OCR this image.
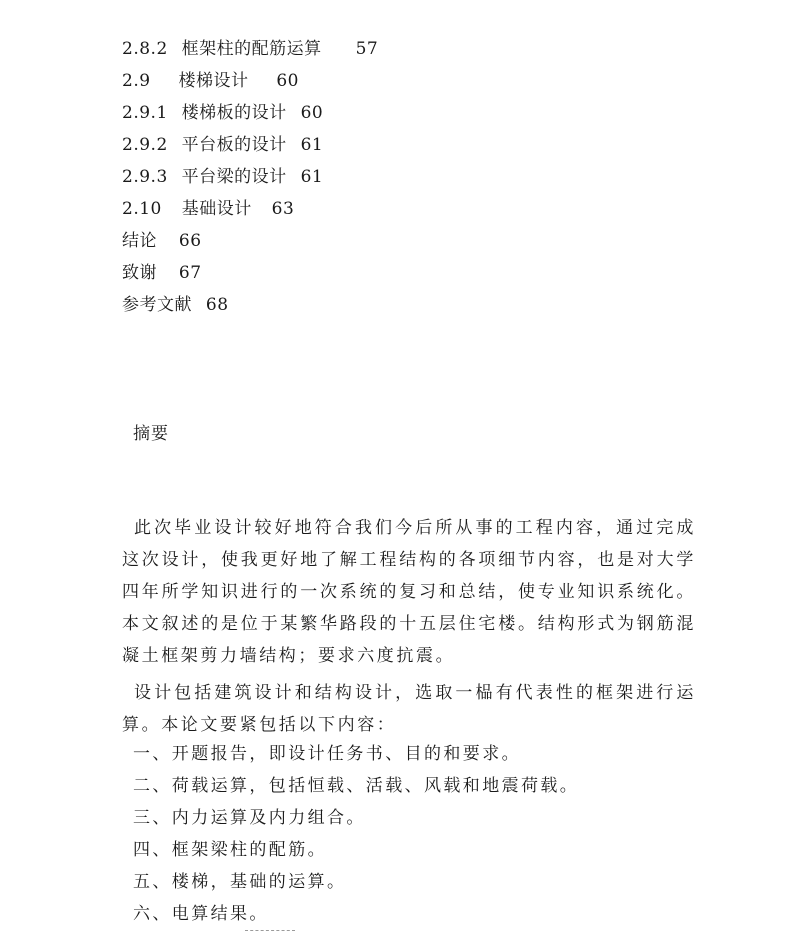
2.8.2 框架柱的配筋运算 57
2.9 楼梯设计 60
2.9.1 楼梯板的设计 60
2.9.2 平台板的设计 61
2.9.3 平台梁的设计 61
2.10 基础设计 63
结论 66
致谢 67
参考文献 68
摘要

此次毕业设计较好地符合我们今后所从事的工程内容，通过完成这次设计，使我更好地了解工程结构的各项细节内容，也是对大学四年所学知识进行的一次系统的复习和总结，使专业知识系统化。本文叙述的是位于某繁华路段的十五层住宅楼。结构形式为钢筋混凝土框架剪力墙结构；要求六度抗震。

设计包括建筑设计和结构设计，选取一榀有代表性的框架进行运算。本论文要紧包括以下内容：

一、开题报告，即设计任务书、目的和要求。
二、荷载运算，包括恒载、活载、风载和地震荷载。
三、内力运算及内力组合。
四、框架梁柱的配筋。
五、楼梯，基础的运算。
六、电算结果。
